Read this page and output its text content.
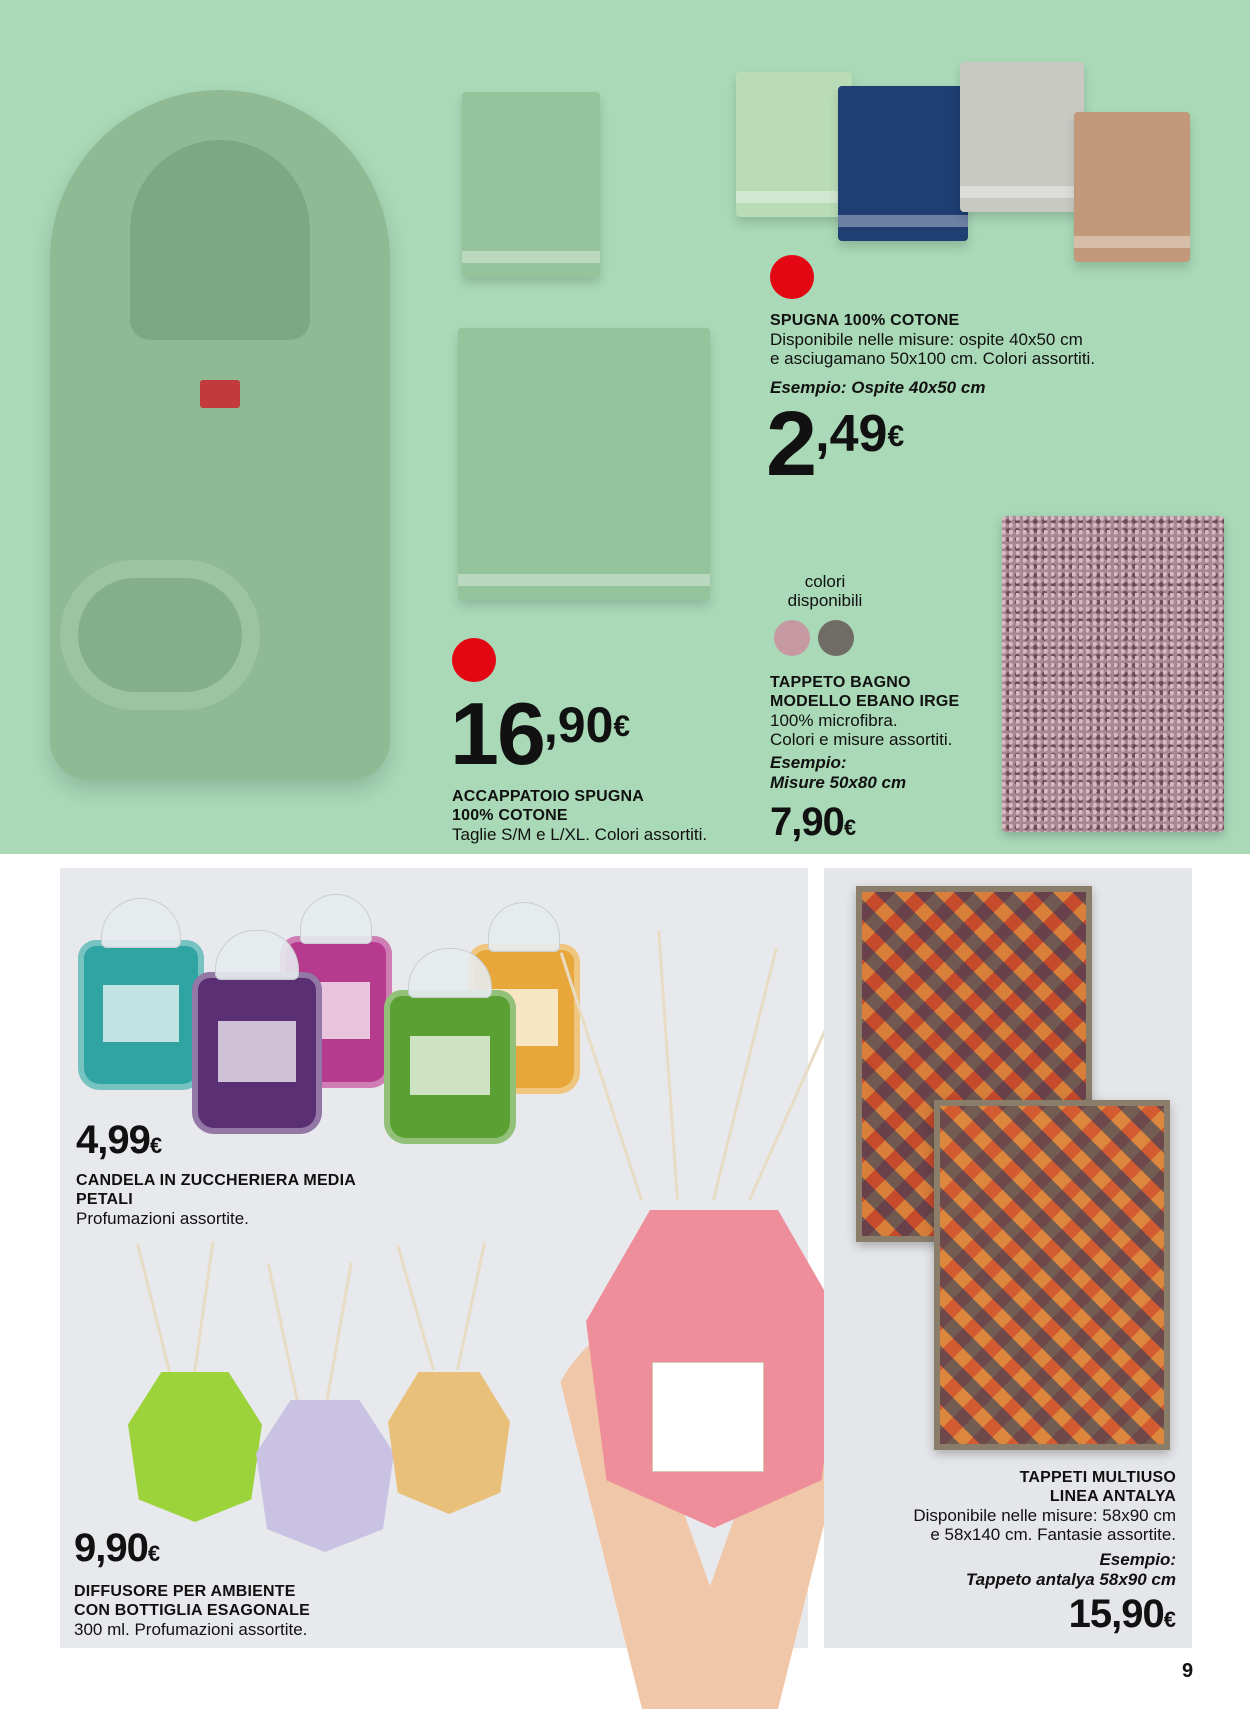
SPUGNA 100% COTONE
Disponibile nelle misure: ospite 40x50 cm
e asciugamano 50x100 cm. Colori assortiti.
Esempio: Ospite 40x50 cm
2,49€
colori
disponibili
TAPPETO BAGNO
MODELLO EBANO IRGE
100% microfibra.
Colori e misure assortiti.
Esempio:
Misure 50x80 cm
7,90€
16,90€
ACCAPPATOIO SPUGNA
100% COTONE
Taglie S/M e L/XL. Colori assortiti.
4,99€
CANDELA IN ZUCCHERIERA MEDIA
PETALI
Profumazioni assortite.
9,90€
DIFFUSORE PER AMBIENTE
CON BOTTIGLIA ESAGONALE
300 ml. Profumazioni assortite.
TAPPETI MULTIUSO
LINEA ANTALYA
Disponibile nelle misure: 58x90 cm
e 58x140 cm. Fantasie assortite.
Esempio:
Tappeto antalya 58x90 cm
15,90€
9
